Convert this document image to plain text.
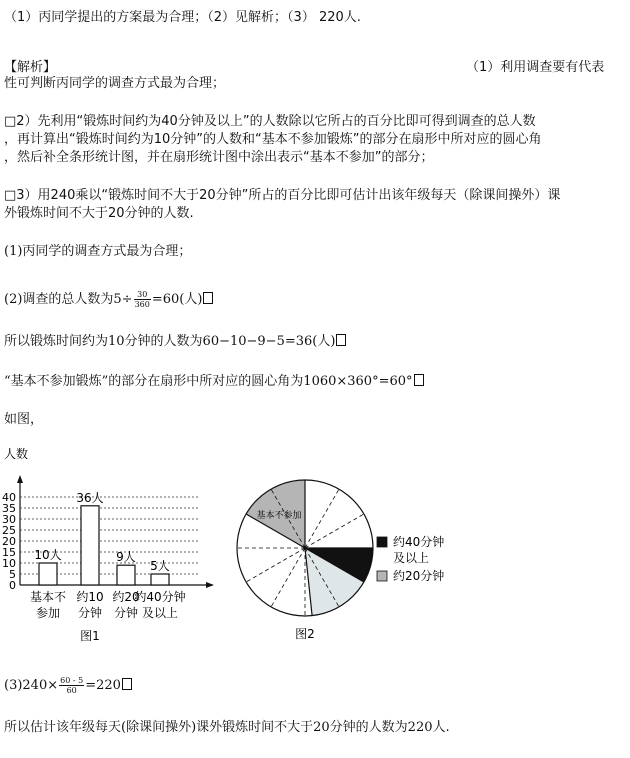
（1）丙同学提出的方案最为合理；（2）见解析；（3） 220人.
【解析】	（1）利用调查要有代表
性可判断丙同学的调查方式最为合理；
□2）先利用“锻炼时间约为40分钟及以上”的人数除以它所占的百分比即可得到调查的总人数
，再计算出“锻炼时间约为10分钟”的人数和“基本不参加锻炼”的部分在扇形中所对应的圆心角
，然后补全条形统计图，并在扇形统计图中涂出表示“基本不参加”的部分；
□3）用240乘以“锻炼时间不大于20分钟”所占的百分比即可估计出该年级每天（除课间操外）课
外锻炼时间不大于20分钟的人数.
(1)丙同学的调查方式最为合理；
(2)调查的总人数为$5\div \frac{30}{360} =60$(人)
所以锻炼时间约为10分钟的人数为60−10−9−5=36(人)
“基本不参加锻炼”的部分在扇形中所对应的圆心角为1060×360°=60°
如图，
人数
0
5
10
15
20
25
30
35
40
10人
基本不
参加
36人
约10
分钟
9人
约20
分钟
5人
约40分钟
及以上
图1
基本不参加
约40分钟
及以上
约20分钟
图2
$(3)240\times \frac{60 - 5}{60} =220$
所以估计该年级每天(除课间操外)课外锻炼时间不大于20分钟的人数为220人.
